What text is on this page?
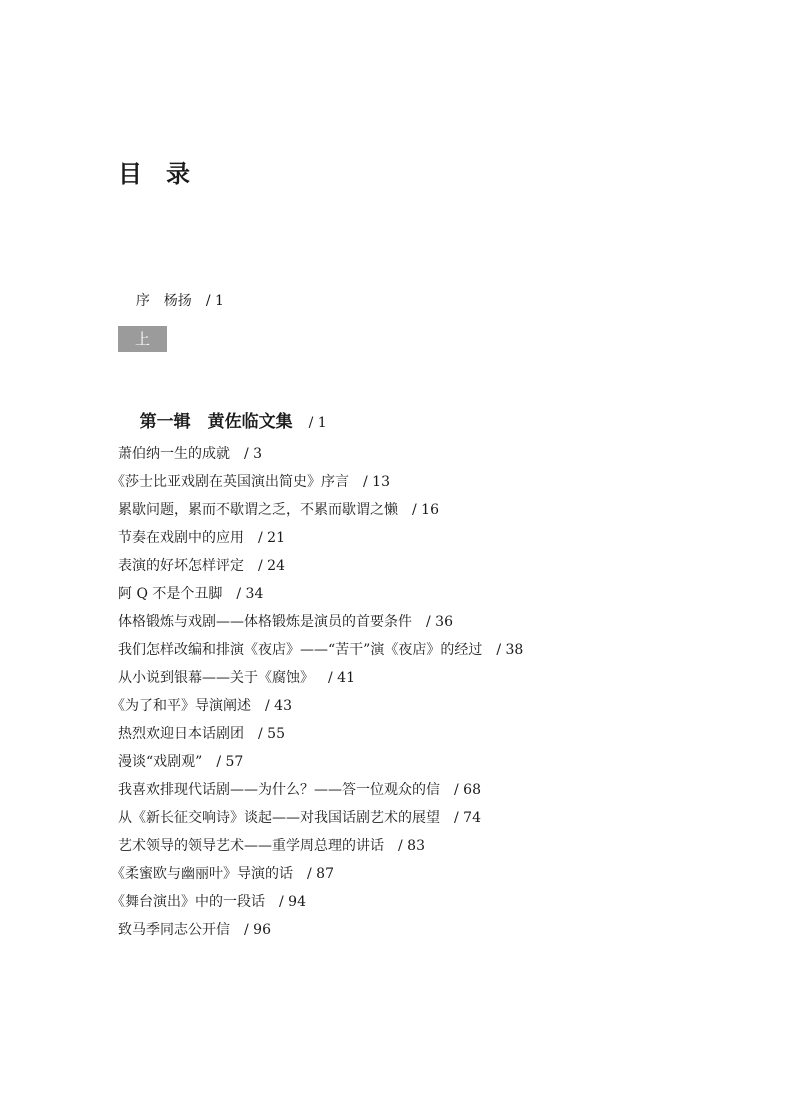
目　录

序　杨扬 / 1

上

第一辑　黄佐临文集 / 1

萧伯纳一生的成就 / 3
《莎士比亚戏剧在英国演出简史》序言 / 13
累歇问题，累而不歇谓之乏，不累而歇谓之懒 / 16
节奏在戏剧中的应用 / 21
表演的好坏怎样评定 / 24
阿 Q 不是个丑脚 / 34
体格锻炼与戏剧——体格锻炼是演员的首要条件 / 36
我们怎样改编和排演《夜店》——“苦干”演《夜店》的经过 / 38
从小说到银幕——关于《腐蚀》 / 41
《为了和平》导演阐述 / 43
热烈欢迎日本话剧团 / 55
漫谈“戏剧观” / 57
我喜欢排现代话剧——为什么？——答一位观众的信 / 68
从《新长征交响诗》谈起——对我国话剧艺术的展望 / 74
艺术领导的领导艺术——重学周总理的讲话 / 83
《柔蜜欧与幽丽叶》导演的话 / 87
《舞台演出》中的一段话 / 94
致马季同志公开信 / 96
